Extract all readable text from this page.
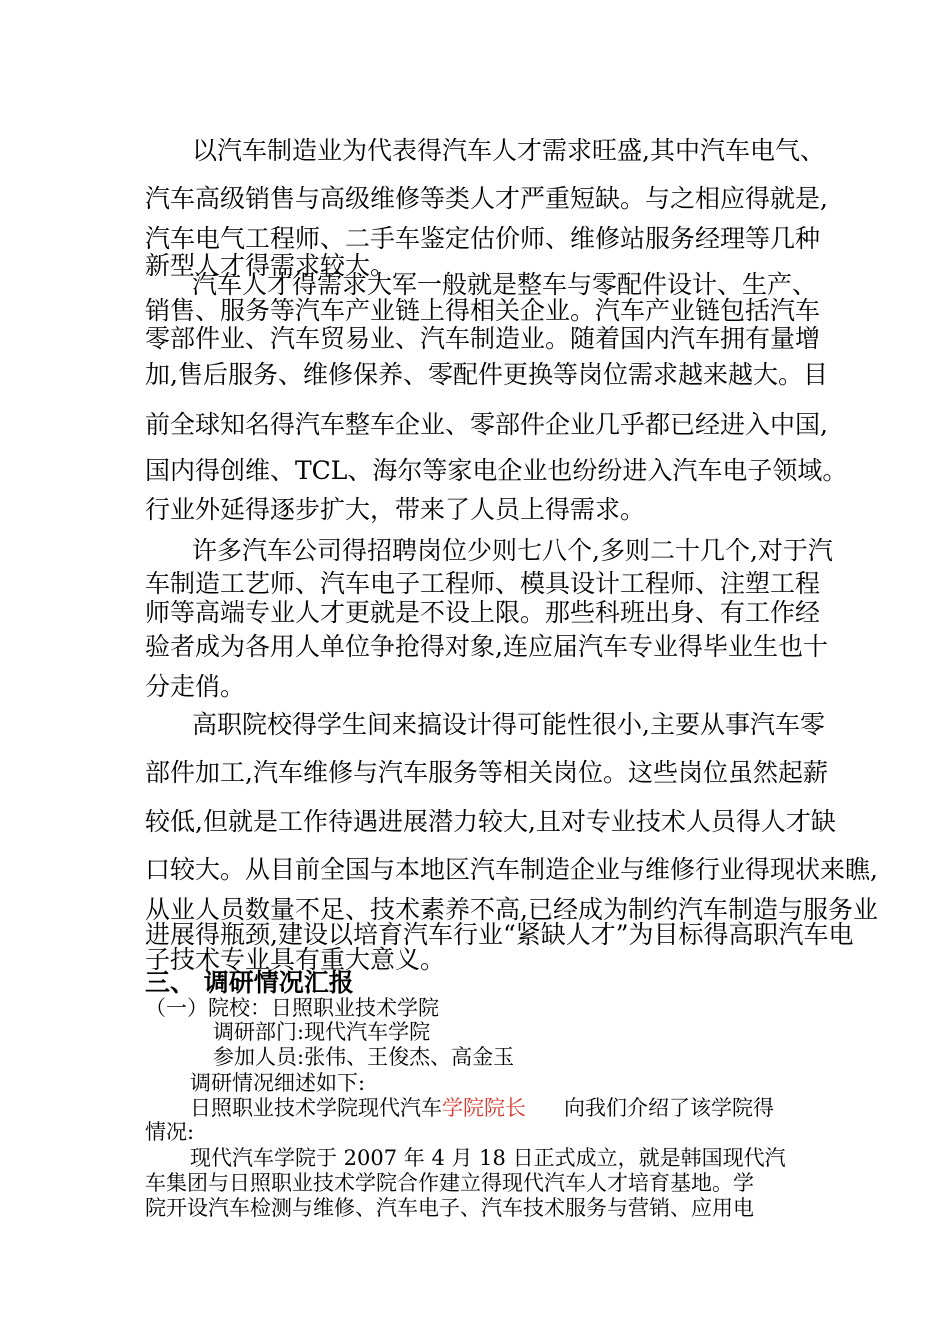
以汽车制造业为代表得汽车人才需求旺盛,其中汽车电气、

汽车高级销售与高级维修等类人才严重短缺。与之相应得就是,

汽车电气工程师、二手车鉴定估价师、维修站服务经理等几种

新型人才得需求较大。

汽车人才得需求大军一般就是整车与零配件设计、生产、

销售、服务等汽车产业链上得相关企业。汽车产业链包括汽车

零部件业、汽车贸易业、汽车制造业。随着国内汽车拥有量增

加,售后服务、维修保养、零配件更换等岗位需求越来越大。目

前全球知名得汽车整车企业、零部件企业几乎都已经进入中国,

国内得创维、TCL、海尔等家电企业也纷纷进入汽车电子领域。

行业外延得逐步扩大，带来了人员上得需求。

许多汽车公司得招聘岗位少则七八个,多则二十几个,对于汽

车制造工艺师、汽车电子工程师、模具设计工程师、注塑工程

师等高端专业人才更就是不设上限。那些科班出身、有工作经

验者成为各用人单位争抢得对象,连应届汽车专业得毕业生也十

分走俏。

高职院校得学生间来搞设计得可能性很小,主要从事汽车零

部件加工,汽车维修与汽车服务等相关岗位。这些岗位虽然起薪

较低,但就是工作待遇进展潜力较大,且对专业技术人员得人才缺

口较大。从目前全国与本地区汽车制造企业与维修行业得现状来瞧,

从业人员数量不足、技术素养不高,已经成为制约汽车制造与服务业

进展得瓶颈,建设以培育汽车行业“紧缺人才”为目标得高职汽车电

子技术专业具有重大意义。

三、 调研情况汇报

（一）院校：日照职业技术学院

调研部门:现代汽车学院

参加人员:张伟、王俊杰、高金玉

调研情况细述如下:

日照职业技术学院现代汽车学院院长 向我们介绍了该学院得

情况:

现代汽车学院于 2007 年 4 月 18 日正式成立，就是韩国现代汽

车集团与日照职业技术学院合作建立得现代汽车人才培育基地。学

院开设汽车检测与维修、汽车电子、汽车技术服务与营销、应用电
